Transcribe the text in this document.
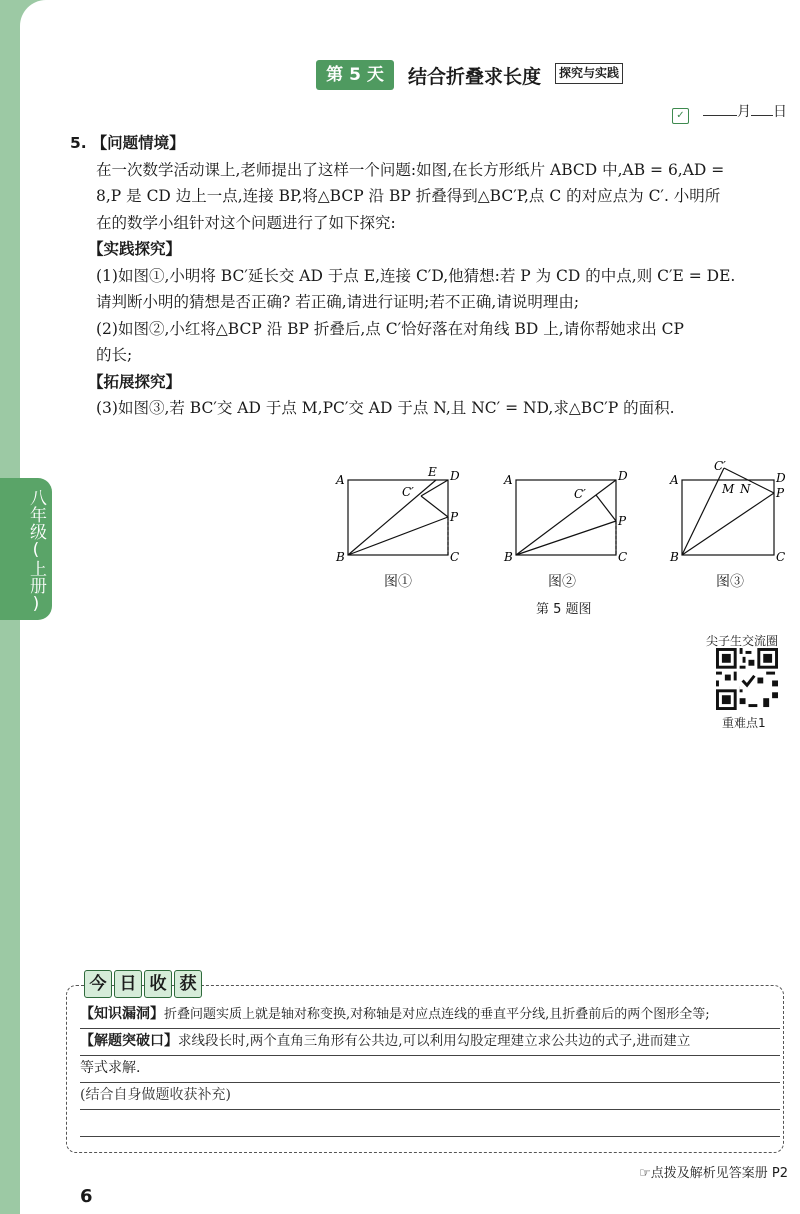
八年级(上册)
第 5 天	结合折叠求长度	探究与实践
✓	月 日

5. 【问题情境】

在一次数学活动课上,老师提出了这样一个问题:如图,在长方形纸片 ABCD 中,AB = 6,AD =

8,P 是 CD 边上一点,连接 BP,将△BCP 沿 BP 折叠得到△BC′P,点 C 的对应点为 C′. 小明所

在的数学小组针对这个问题进行了如下探究:

【实践探究】

(1)如图①,小明将 BC′延长交 AD 于点 E,连接 C′D,他猜想:若 P 为 CD 的中点,则 C′E = DE.

请判断小明的猜想是否正确? 若正确,请进行证明;若不正确,请说明理由;

(2)如图②,小红将△BCP 沿 BP 折叠后,点 C′恰好落在对角线 BD 上,请你帮她求出 CP

的长;

【拓展探究】

(3)如图③,若 BC′交 AD 于点 M,PC′交 AD 于点 N,且 NC′ = ND,求△BC′P 的面积.

A
B	C
D
P
E
C′
图①
A
B	C
D
P
C′
图②
A
B	C
D
P
C′
M N
图③
第 5 题图
尖子生交流圈
重难点1
今 日 收 获
【知识漏洞】折叠问题实质上就是轴对称变换,对称轴是对应点连线的垂直平分线,且折叠前后的两个图形全等;
【解题突破口】求线段长时,两个直角三角形有公共边,可以利用勾股定理建立求公共边的式子,进而建立
等式求解.
(结合自身做题收获补充)
☞点拨及解析见答案册 P2
6
